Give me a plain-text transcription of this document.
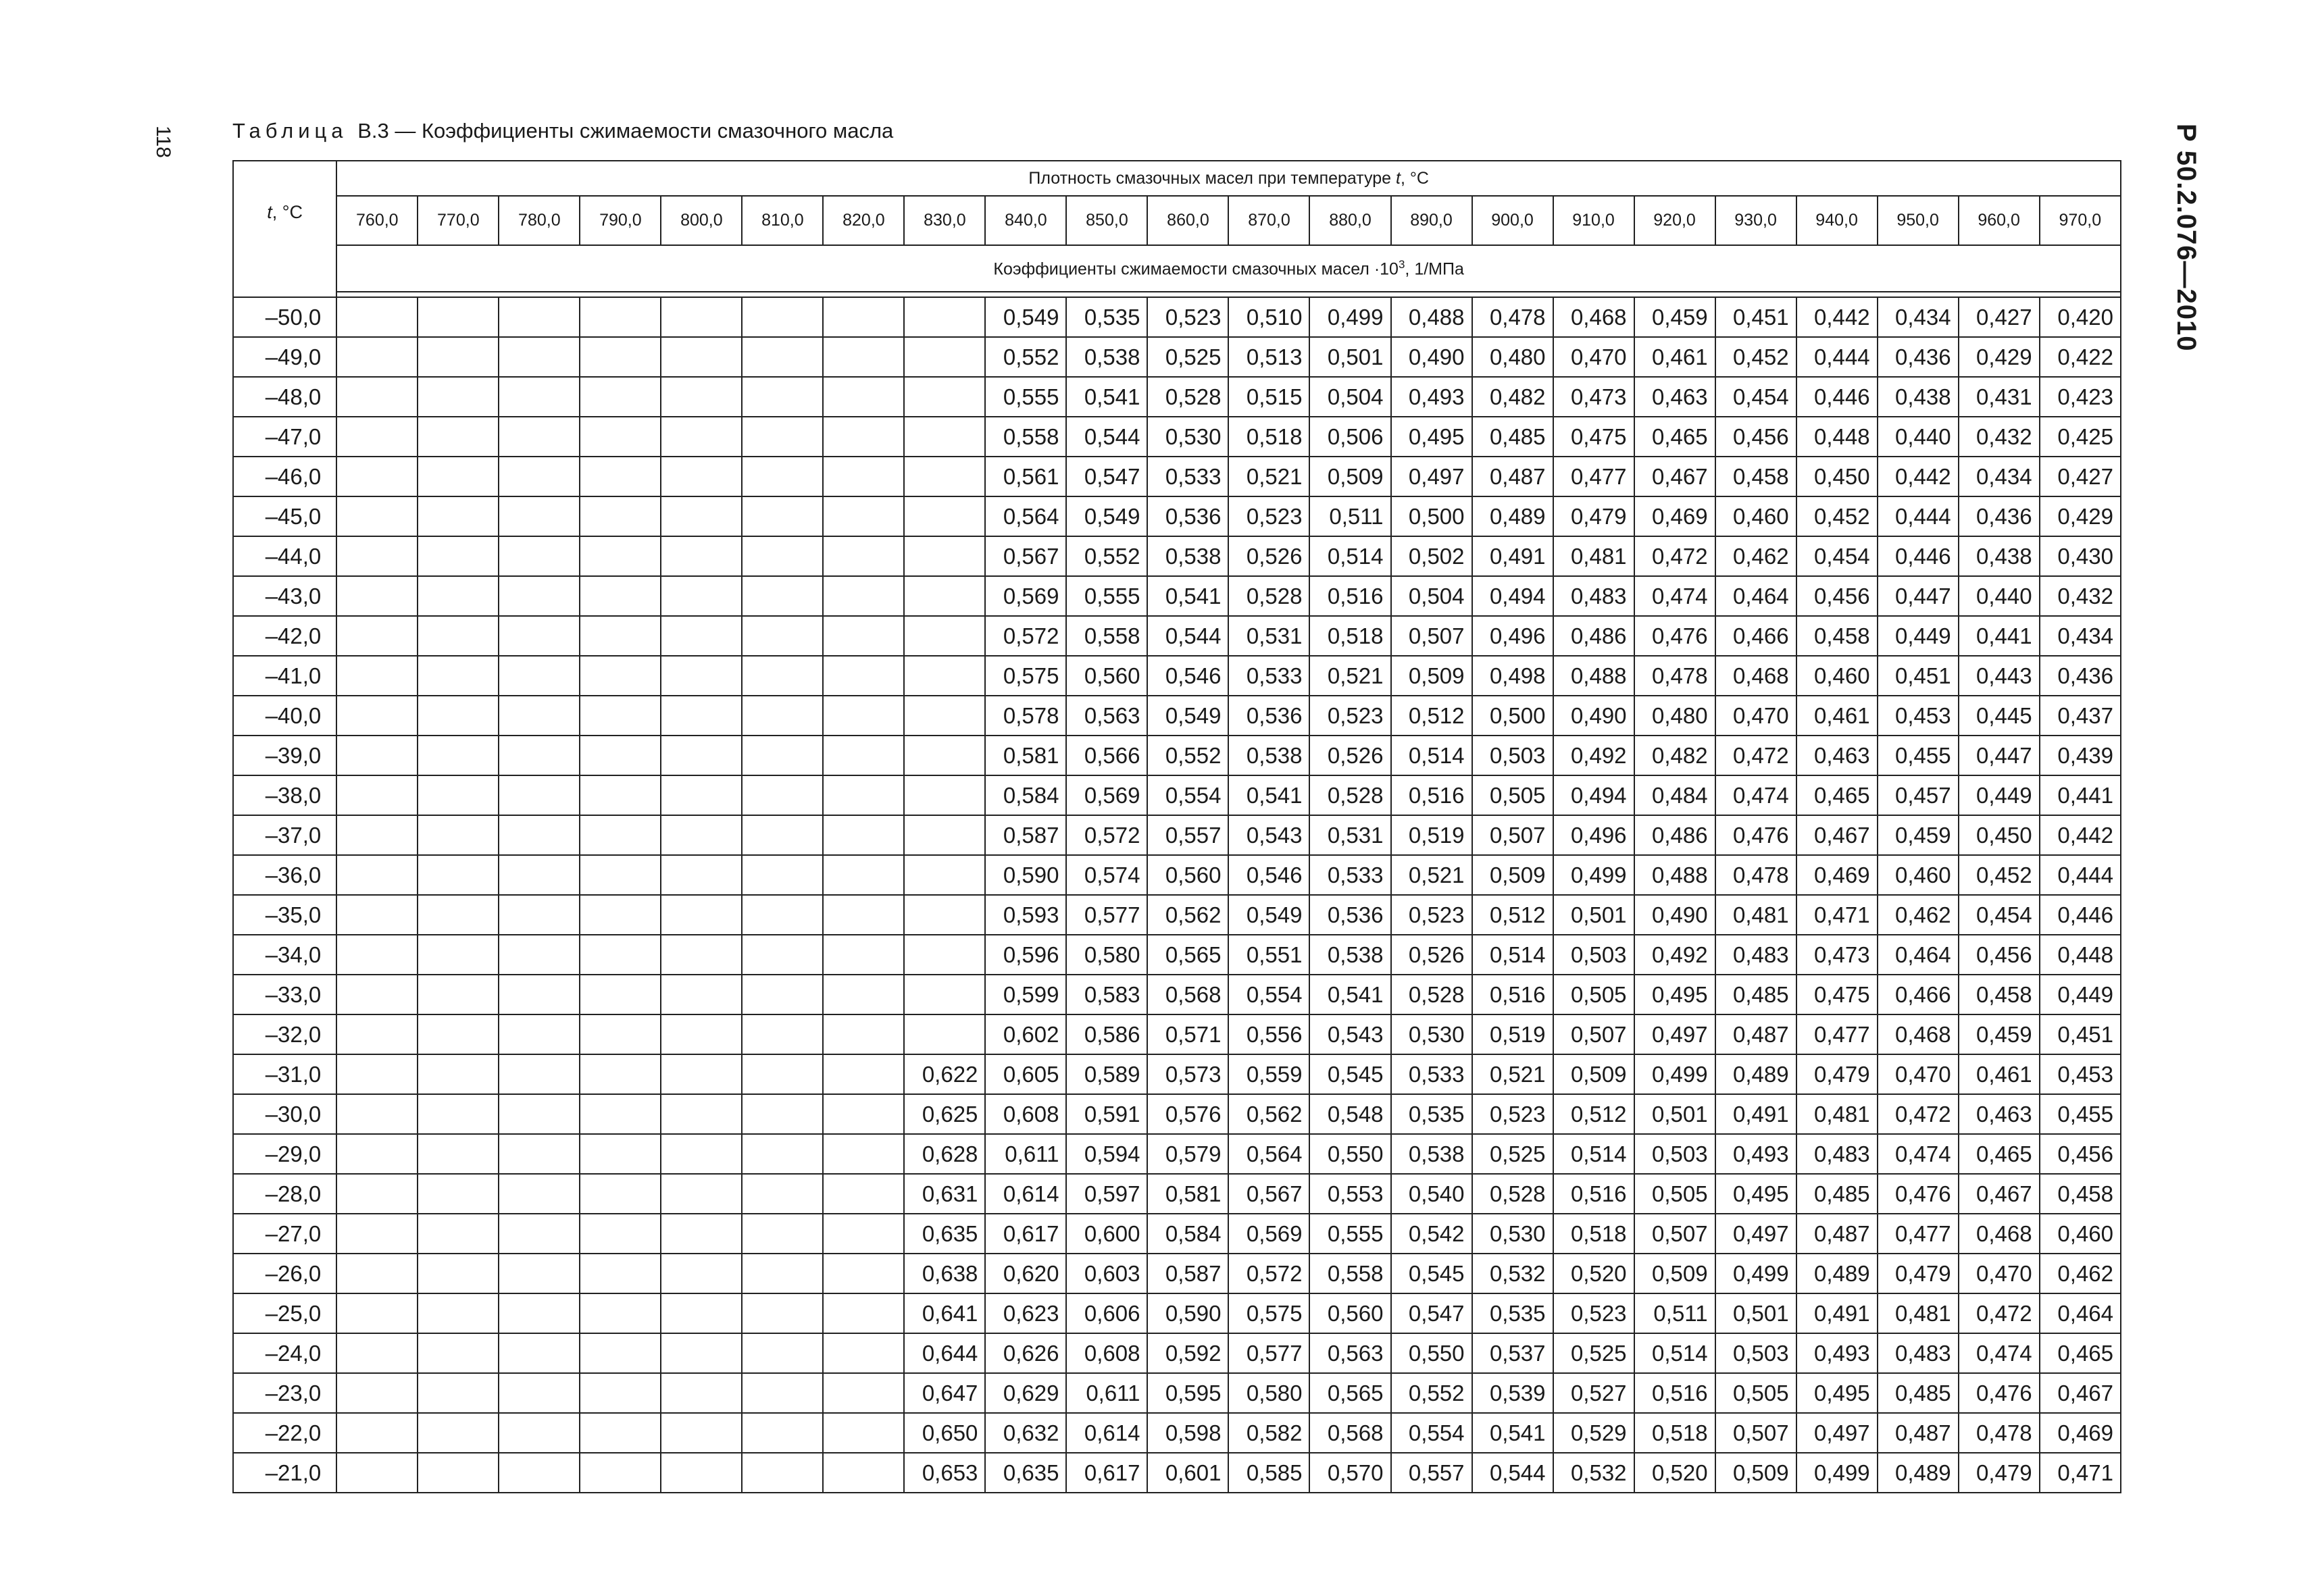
118	Р 50.2.076—2010
Таблица В.3 — Коэффициенты сжимаемости смазочного масла
t, °С	Плотность смазочных масел при температуре t, °С																					
	760,0	770,0	780,0	790,0	800,0	810,0	820,0	830,0	840,0	850,0	860,0	870,0	880,0	890,0	900,0	910,0	920,0	930,0	940,0	950,0	960,0	970,0
	Коэффициенты сжимаемости смазочных масел $\cdot 10^3$, 1/МПа																					

–50,0									0,549	0,535	0,523	0,510	0,499	0,488	0,478	0,468	0,459	0,451	0,442	0,434	0,427	0,420
–49,0									0,552	0,538	0,525	0,513	0,501	0,490	0,480	0,470	0,461	0,452	0,444	0,436	0,429	0,422
–48,0									0,555	0,541	0,528	0,515	0,504	0,493	0,482	0,473	0,463	0,454	0,446	0,438	0,431	0,423
–47,0									0,558	0,544	0,530	0,518	0,506	0,495	0,485	0,475	0,465	0,456	0,448	0,440	0,432	0,425
–46,0									0,561	0,547	0,533	0,521	0,509	0,497	0,487	0,477	0,467	0,458	0,450	0,442	0,434	0,427
–45,0									0,564	0,549	0,536	0,523	0,511	0,500	0,489	0,479	0,469	0,460	0,452	0,444	0,436	0,429
–44,0									0,567	0,552	0,538	0,526	0,514	0,502	0,491	0,481	0,472	0,462	0,454	0,446	0,438	0,430
–43,0									0,569	0,555	0,541	0,528	0,516	0,504	0,494	0,483	0,474	0,464	0,456	0,447	0,440	0,432
–42,0									0,572	0,558	0,544	0,531	0,518	0,507	0,496	0,486	0,476	0,466	0,458	0,449	0,441	0,434
–41,0									0,575	0,560	0,546	0,533	0,521	0,509	0,498	0,488	0,478	0,468	0,460	0,451	0,443	0,436
–40,0									0,578	0,563	0,549	0,536	0,523	0,512	0,500	0,490	0,480	0,470	0,461	0,453	0,445	0,437
–39,0									0,581	0,566	0,552	0,538	0,526	0,514	0,503	0,492	0,482	0,472	0,463	0,455	0,447	0,439
–38,0									0,584	0,569	0,554	0,541	0,528	0,516	0,505	0,494	0,484	0,474	0,465	0,457	0,449	0,441
–37,0									0,587	0,572	0,557	0,543	0,531	0,519	0,507	0,496	0,486	0,476	0,467	0,459	0,450	0,442
–36,0									0,590	0,574	0,560	0,546	0,533	0,521	0,509	0,499	0,488	0,478	0,469	0,460	0,452	0,444
–35,0									0,593	0,577	0,562	0,549	0,536	0,523	0,512	0,501	0,490	0,481	0,471	0,462	0,454	0,446
–34,0									0,596	0,580	0,565	0,551	0,538	0,526	0,514	0,503	0,492	0,483	0,473	0,464	0,456	0,448
–33,0									0,599	0,583	0,568	0,554	0,541	0,528	0,516	0,505	0,495	0,485	0,475	0,466	0,458	0,449
–32,0									0,602	0,586	0,571	0,556	0,543	0,530	0,519	0,507	0,497	0,487	0,477	0,468	0,459	0,451
–31,0								0,622	0,605	0,589	0,573	0,559	0,545	0,533	0,521	0,509	0,499	0,489	0,479	0,470	0,461	0,453
–30,0								0,625	0,608	0,591	0,576	0,562	0,548	0,535	0,523	0,512	0,501	0,491	0,481	0,472	0,463	0,455
–29,0								0,628	0,611	0,594	0,579	0,564	0,550	0,538	0,525	0,514	0,503	0,493	0,483	0,474	0,465	0,456
–28,0								0,631	0,614	0,597	0,581	0,567	0,553	0,540	0,528	0,516	0,505	0,495	0,485	0,476	0,467	0,458
–27,0								0,635	0,617	0,600	0,584	0,569	0,555	0,542	0,530	0,518	0,507	0,497	0,487	0,477	0,468	0,460
–26,0								0,638	0,620	0,603	0,587	0,572	0,558	0,545	0,532	0,520	0,509	0,499	0,489	0,479	0,470	0,462
–25,0								0,641	0,623	0,606	0,590	0,575	0,560	0,547	0,535	0,523	0,511	0,501	0,491	0,481	0,472	0,464
–24,0								0,644	0,626	0,608	0,592	0,577	0,563	0,550	0,537	0,525	0,514	0,503	0,493	0,483	0,474	0,465
–23,0								0,647	0,629	0,611	0,595	0,580	0,565	0,552	0,539	0,527	0,516	0,505	0,495	0,485	0,476	0,467
–22,0								0,650	0,632	0,614	0,598	0,582	0,568	0,554	0,541	0,529	0,518	0,507	0,497	0,487	0,478	0,469
–21,0								0,653	0,635	0,617	0,601	0,585	0,570	0,557	0,544	0,532	0,520	0,509	0,499	0,489	0,479	0,471
